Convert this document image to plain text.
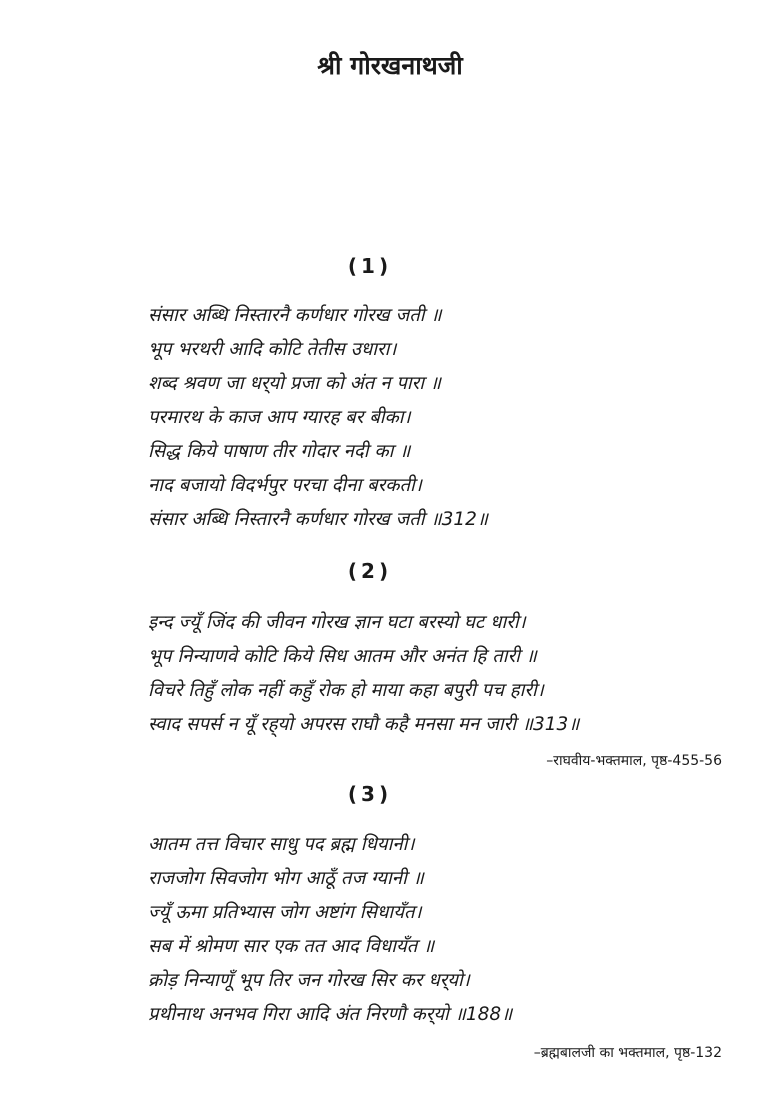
श्री गोरखनाथजी
(1)
संसार अब्धि निस्तारनै कर्णधार गोरख जती ॥
भूप भरथरी आदि कोटि तेतीस उधारा।
शब्द श्रवण जा धर्‌यो प्रजा को अंत न पारा ॥
परमारथ के काज आप ग्यारह बर बीका।
सिद्ध किये पाषाण तीर गोदार नदी का ॥
नाद बजायो विदर्भपुर परचा दीना बरकती।
संसार अब्धि निस्तारनै कर्णधार गोरख जती ॥312॥
(2)
इन्द ज्यूँ जिंद की जीवन गोरख ज्ञान घटा बरस्यो घट धारी।
भूप निन्याणवे कोटि किये सिध आतम और अनंत हि तारी ॥
विचरे तिहुँ लोक नहीं कहुँ रोक हो माया कहा बपुरी पच हारी।
स्वाद सपर्स न यूँ रह्‌यो अपरस राघौ कहै मनसा मन जारी ॥313॥
–राघवीय-भक्तमाल, पृष्ठ-455-56
(3)
आतम तत्त विचार साधु पद ब्रह्म धियानी।
राजजोग सिवजोग भोग आठूँ तज ग्यानी ॥
ज्यूँ ऊमा प्रतिभ्यास जोग अष्टांग सिधायँत।
सब में श्रोमण सार एक तत आद विधायँत ॥
क्रोड़ निन्याणूँ भूप तिर जन गोरख सिर कर धर्‌यो।
प्रथीनाथ अनभव गिरा आदि अंत निरणौ कर्‌यो ॥188॥
–ब्रह्मबालजी का भक्तमाल, पृष्ठ-132
